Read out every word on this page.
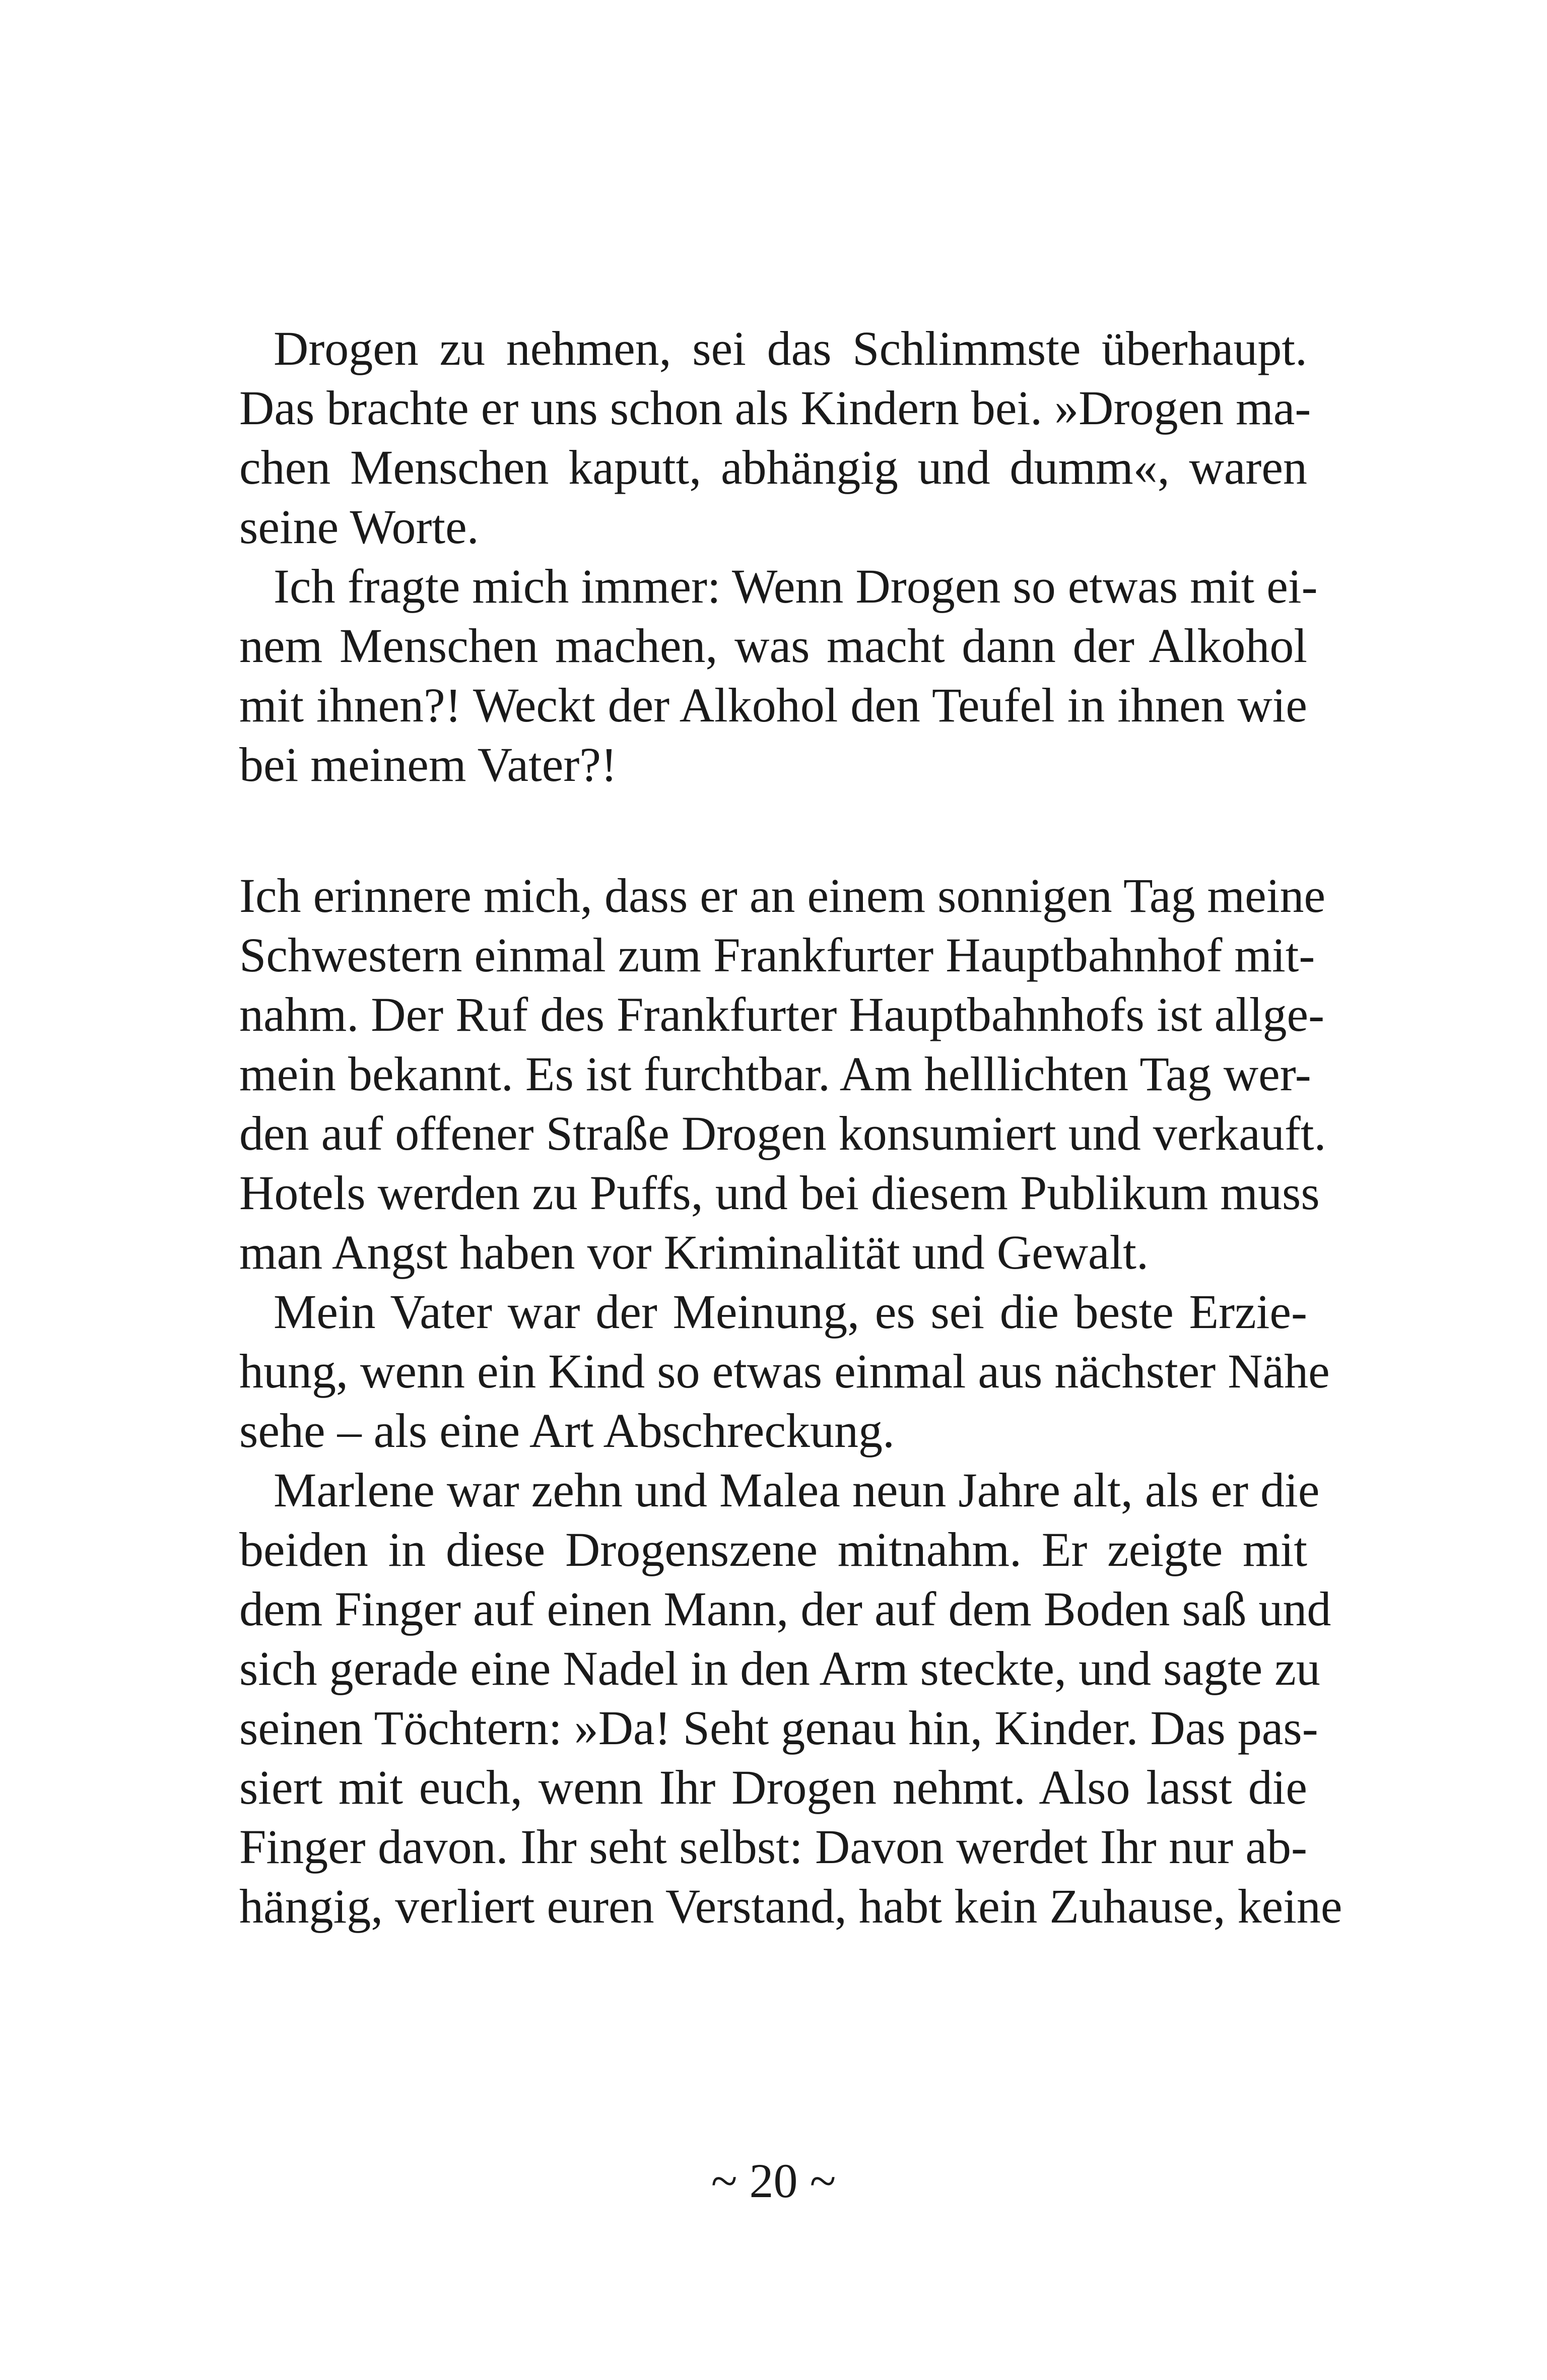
Drogen zu nehmen, sei das Schlimmste überhaupt.
Das brachte er uns schon als Kindern bei. »Drogen ma-
chen Menschen kaputt, abhängig und dumm«, waren
seine Worte.
Ich fragte mich immer: Wenn Drogen so etwas mit ei-
nem Menschen machen, was macht dann der Alkohol
mit ihnen?! Weckt der Alkohol den Teufel in ihnen wie
bei meinem Vater?!
Ich erinnere mich, dass er an einem sonnigen Tag meine
Schwestern einmal zum Frankfurter Hauptbahnhof mit-
nahm. Der Ruf des Frankfurter Hauptbahnhofs ist allge-
mein bekannt. Es ist furchtbar. Am helllichten Tag wer-
den auf offener Straße Drogen konsumiert und verkauft.
Hotels werden zu Puffs, und bei diesem Publikum muss
man Angst haben vor Kriminalität und Gewalt.
Mein Vater war der Meinung, es sei die beste Erzie-
hung, wenn ein Kind so etwas einmal aus nächster Nähe
sehe – als eine Art Abschreckung.
Marlene war zehn und Malea neun Jahre alt, als er die
beiden in diese Drogenszene mitnahm. Er zeigte mit
dem Finger auf einen Mann, der auf dem Boden saß und
sich gerade eine Nadel in den Arm steckte, und sagte zu
seinen Töchtern: »Da! Seht genau hin, Kinder. Das pas-
siert mit euch, wenn Ihr Drogen nehmt. Also lasst die
Finger davon. Ihr seht selbst: Davon werdet Ihr nur ab-
hängig, verliert euren Verstand, habt kein Zuhause, keine
~ 20 ~
